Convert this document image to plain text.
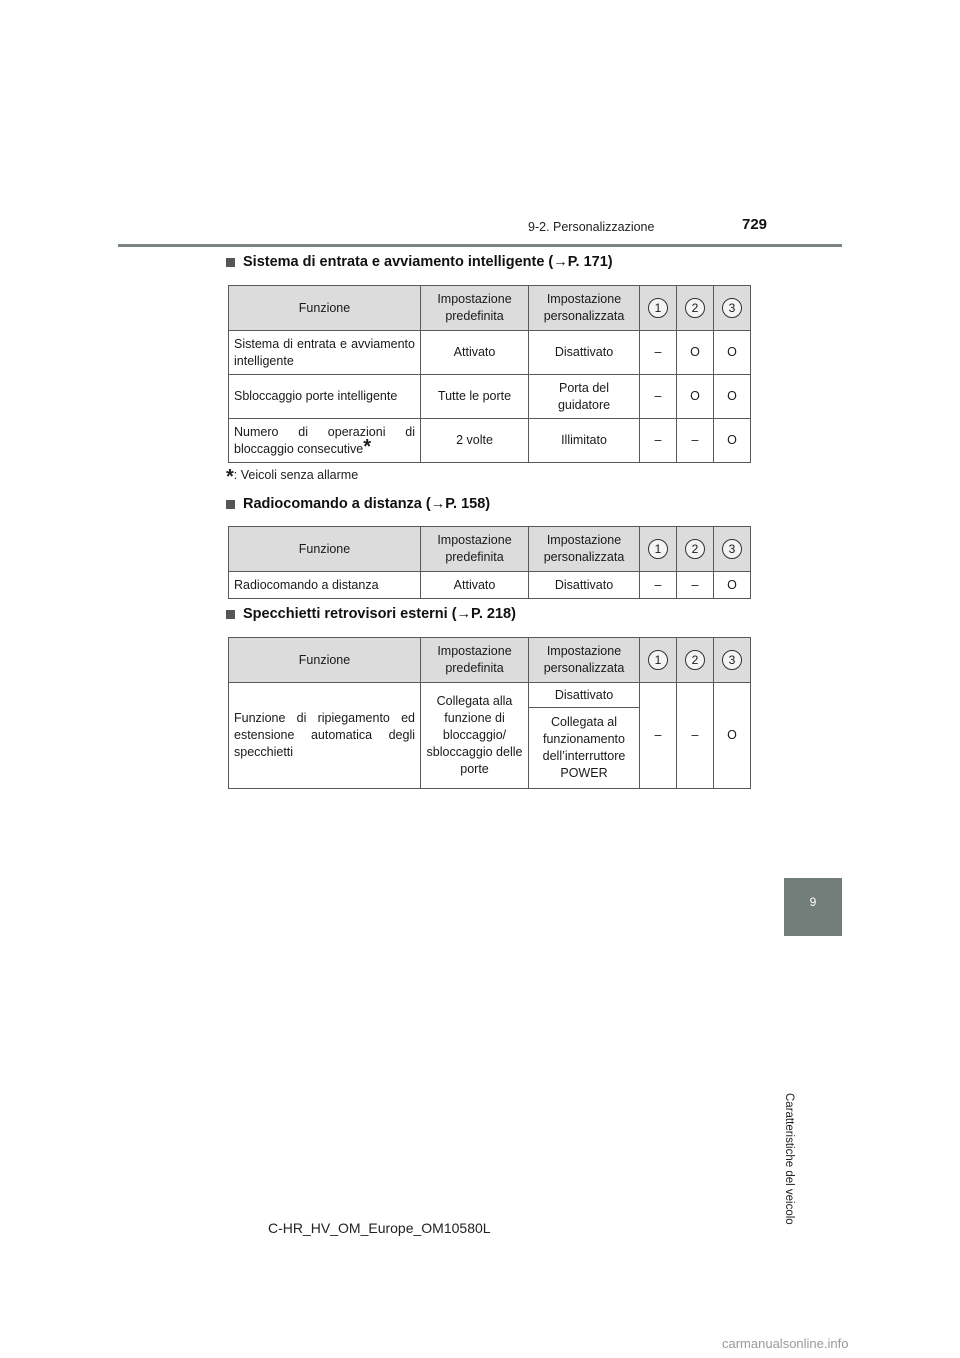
9-2. Personalizzazione	729
9
Caratteristiche del veicolo
Sistema di entrata e avviamento intelligente ( → P. 171)
Funzione	Impostazione predefinita	Impostazione personalizzata	1	2	3
Sistema di entrata e avviamento intelligente	Attivato	Disattivato	–	O	O
Sbloccaggio porte intelligente	Tutte le porte	Porta del guidatore	–	O	O
Numero di operazioni di bloccaggio consecutive*	2 volte	Illimitato	–	–	O
*: Veicoli senza allarme
Radiocomando a distanza ( → P. 158)
Funzione	Impostazione predefinita	Impostazione personalizzata	1	2	3
Radiocomando a distanza	Attivato	Disattivato	–	–	O
Specchietti retrovisori esterni ( → P. 218)
Funzione	Impostazione predefinita	Impostazione personalizzata	1	2	3
Funzione di ripiegamento ed estensione automatica degli specchietti	Collegata alla funzione di bloccaggio/ sbloccaggio delle porte	Disattivato	–	–	O
		Collegata al funzionamento dell’interruttore POWER			
C-HR_HV_OM_Europe_OM10580L
carmanualsonline.info
